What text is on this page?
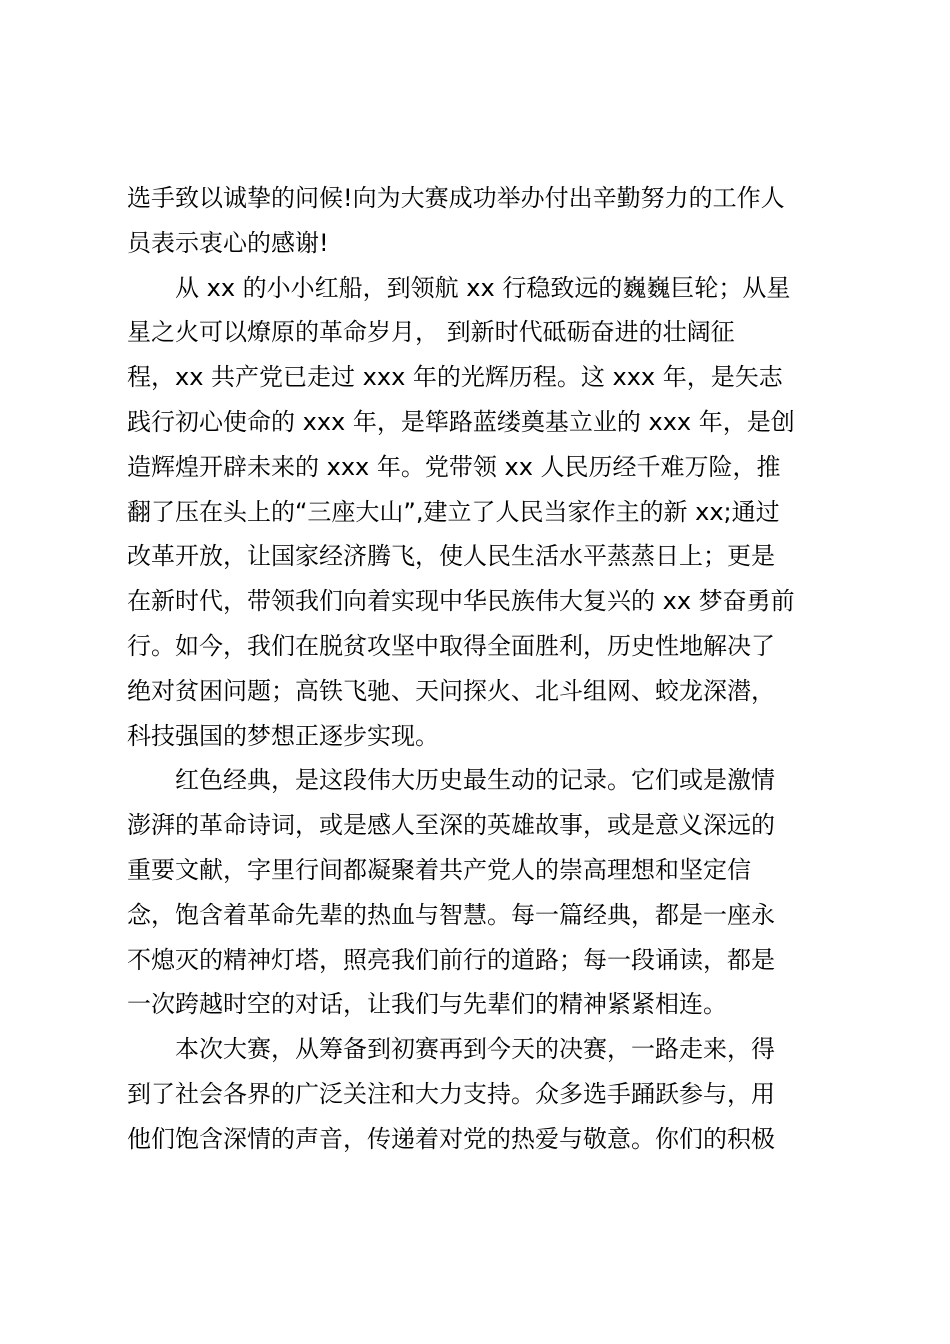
选手致以诚挚的问候!向为大赛成功举办付出辛勤努力的工作人
员表示衷心的感谢!
从 xx 的小小红船，到领航 xx 行稳致远的巍巍巨轮；从星
星之火可以燎原的革命岁月， 到新时代砥砺奋进的壮阔征
程，xx 共产党已走过 xxx 年的光辉历程。这 xxx 年，是矢志
践行初心使命的 xxx 年，是筚路蓝缕奠基立业的 xxx 年，是创
造辉煌开辟未来的 xxx 年。党带领 xx 人民历经千难万险，推
翻了压在头上的“三座大山”,建立了人民当家作主的新 xx;通过
改革开放，让国家经济腾飞，使人民生活水平蒸蒸日上；更是
在新时代，带领我们向着实现中华民族伟大复兴的 xx 梦奋勇前
行。如今，我们在脱贫攻坚中取得全面胜利，历史性地解决了
绝对贫困问题；高铁飞驰、天问探火、北斗组网、蛟龙深潜，
科技强国的梦想正逐步实现。
红色经典，是这段伟大历史最生动的记录。它们或是激情
澎湃的革命诗词，或是感人至深的英雄故事，或是意义深远的
重要文献，字里行间都凝聚着共产党人的崇高理想和坚定信
念，饱含着革命先辈的热血与智慧。每一篇经典，都是一座永
不熄灭的精神灯塔，照亮我们前行的道路；每一段诵读，都是
一次跨越时空的对话，让我们与先辈们的精神紧紧相连。
本次大赛，从筹备到初赛再到今天的决赛，一路走来，得
到了社会各界的广泛关注和大力支持。众多选手踊跃参与，用
他们饱含深情的声音，传递着对党的热爱与敬意。你们的积极
